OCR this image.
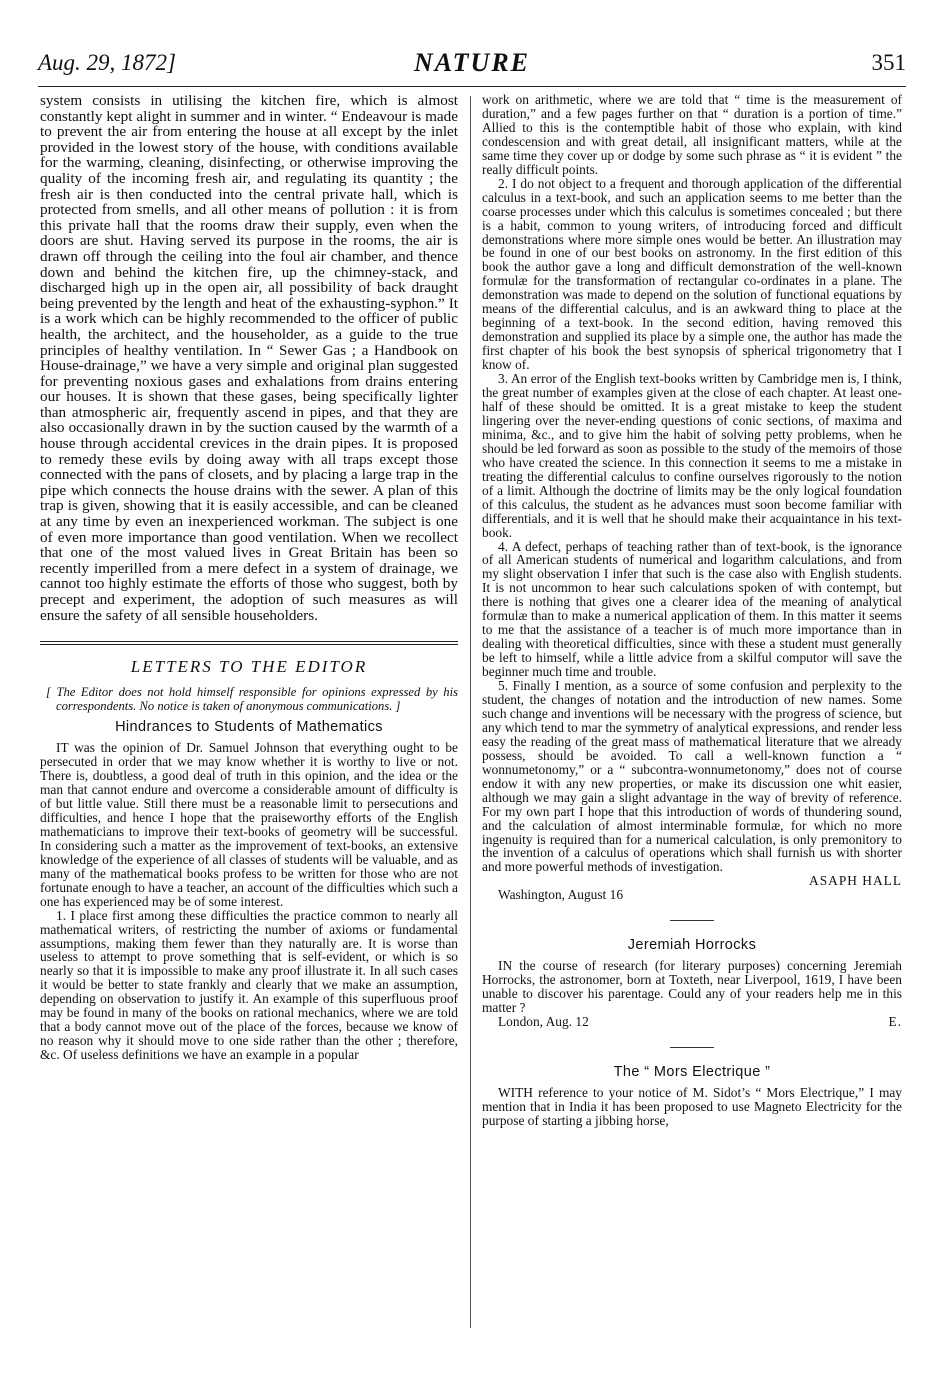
Aug. 29, 1872]	NATURE	351

system consists in utilising the kitchen fire, which is almost constantly kept alight in summer and in winter. “ Endeavour is made to prevent the air from entering the house at all except by the inlet provided in the lowest story of the house, with conditions available for the warming, cleaning, disinfecting, or otherwise improving the quality of the incoming fresh air, and regulating its quantity ; the fresh air is then conducted into the central private hall, which is protected from smells, and all other means of pollution : it is from this private hall that the rooms draw their supply, even when the doors are shut. Having served its purpose in the rooms, the air is drawn off through the ceiling into the foul air chamber, and thence down and behind the kitchen fire, up the chimney-stack, and discharged high up in the open air, all possibility of back draught being prevented by the length and heat of the exhausting-syphon.” It is a work which can be highly recommended to the officer of public health, the architect, and the householder, as a guide to the true principles of healthy ventilation. In “ Sewer Gas ; a Handbook on House-drainage,” we have a very simple and original plan suggested for preventing noxious gases and exhalations from drains entering our houses. It is shown that these gases, being specifically lighter than atmospheric air, frequently ascend in pipes, and that they are also occasionally drawn in by the suction caused by the warmth of a house through accidental crevices in the drain pipes. It is proposed to remedy these evils by doing away with all traps except those connected with the pans of closets, and by placing a large trap in the pipe which connects the house drains with the sewer. A plan of this trap is given, showing that it is easily accessible, and can be cleaned at any time by even an inexperienced workman. The subject is one of even more importance than good ventilation. When we recollect that one of the most valued lives in Great Britain has been so recently imperilled from a mere defect in a system of drainage, we cannot too highly estimate the efforts of those who suggest, both by precept and experiment, the adoption of such measures as will ensure the safety of all sensible householders.

LETTERS TO THE EDITOR

[ The Editor does not hold himself responsible for opinions expressed by his correspondents. No notice is taken of anonymous communications. ]

Hindrances to Students of Mathematics

IT was the opinion of Dr. Samuel Johnson that everything ought to be persecuted in order that we may know whether it is worthy to live or not. There is, doubtless, a good deal of truth in this opinion, and the idea or the man that cannot endure and overcome a considerable amount of difficulty is of but little value. Still there must be a reasonable limit to persecutions and difficulties, and hence I hope that the praiseworthy efforts of the English mathematicians to improve their text-books of geometry will be successful. In considering such a matter as the improvement of text-books, an extensive knowledge of the experience of all classes of students will be valuable, and as many of the mathematical books profess to be written for those who are not fortunate enough to have a teacher, an account of the difficulties which such a one has experienced may be of some interest.

1. I place first among these difficulties the practice common to nearly all mathematical writers, of restricting the number of axioms or fundamental assumptions, making them fewer than they naturally are. It is worse than useless to attempt to prove something that is self-evident, or which is so nearly so that it is impossible to make any proof illustrate it. In all such cases it would be better to state frankly and clearly that we make an assumption, depending on observation to justify it. An example of this superfluous proof may be found in many of the books on rational mechanics, where we are told that a body cannot move out of the place of the forces, because we know of no reason why it should move to one side rather than the other ; therefore, &c. Of useless definitions we have an example in a popular

work on arithmetic, where we are told that “ time is the measurement of duration,” and a few pages further on that “ duration is a portion of time.” Allied to this is the contemptible habit of those who explain, with kind condescension and with great detail, all insignificant matters, while at the same time they cover up or dodge by some such phrase as “ it is evident ” the really difficult points.

2. I do not object to a frequent and thorough application of the differential calculus in a text-book, and such an application seems to me better than the coarse processes under which this calculus is sometimes concealed ; but there is a habit, common to young writers, of introducing forced and difficult demonstrations where more simple ones would be better. An illustration may be found in one of our best books on astronomy. In the first edition of this book the author gave a long and difficult demonstration of the well-known formulæ for the transformation of rectangular co-ordinates in a plane. The demonstration was made to depend on the solution of functional equations by means of the differential calculus, and is an awkward thing to place at the beginning of a text-book. In the second edition, having removed this demonstration and supplied its place by a simple one, the author has made the first chapter of his book the best synopsis of spherical trigonometry that I know of.

3. An error of the English text-books written by Cambridge men is, I think, the great number of examples given at the close of each chapter. At least one-half of these should be omitted. It is a great mistake to keep the student lingering over the never-ending questions of conic sections, of maxima and minima, &c., and to give him the habit of solving petty problems, when he should be led forward as soon as possible to the study of the memoirs of those who have created the science. In this connection it seems to me a mistake in treating the differential calculus to confine ourselves rigorously to the notion of a limit. Although the doctrine of limits may be the only logical foundation of this calculus, the student as he advances must soon become familiar with differentials, and it is well that he should make their acquaintance in his text-book.

4. A defect, perhaps of teaching rather than of text-book, is the ignorance of all American students of numerical and logarithm calculations, and from my slight observation I infer that such is the case also with English students. It is not uncommon to hear such calculations spoken of with contempt, but there is nothing that gives one a clearer idea of the meaning of analytical formulæ than to make a numerical application of them. In this matter it seems to me that the assistance of a teacher is of much more importance than in dealing with theoretical difficulties, since with these a student must generally be left to himself, while a little advice from a skilful computor will save the beginner much time and trouble.

5. Finally I mention, as a source of some confusion and perplexity to the student, the changes of notation and the introduction of new names. Some such change and inventions will be necessary with the progress of science, but any which tend to mar the symmetry of analytical expressions, and render less easy the reading of the great mass of mathematical literature that we already possess, should be avoided. To call a well-known function a “ wonnumetonomy,” or a “ subcontra-wonnumetonomy,” does not of course endow it with any new properties, or make its discussion one whit easier, although we may gain a slight advantage in the way of brevity of reference. For my own part I hope that this introduction of words of thundering sound, and the calculation of almost interminable formulæ, for which no more ingenuity is required than for a numerical calculation, is only premonitory to the invention of a calculus of operations which shall furnish us with shorter and more powerful methods of investigation.

ASAPH HALL
Washington, August 16
Jeremiah Horrocks

IN the course of research (for literary purposes) concerning Jeremiah Horrocks, the astronomer, born at Toxteth, near Liverpool, 1619, I have been unable to discover his parentage. Could any of your readers help me in this matter ?

London, Aug. 12	E.
The “ Mors Electrique ”

WITH reference to your notice of M. Sidot’s “ Mors Electrique,” I may mention that in India it has been proposed to use Magneto Electricity for the purpose of starting a jibbing horse,
